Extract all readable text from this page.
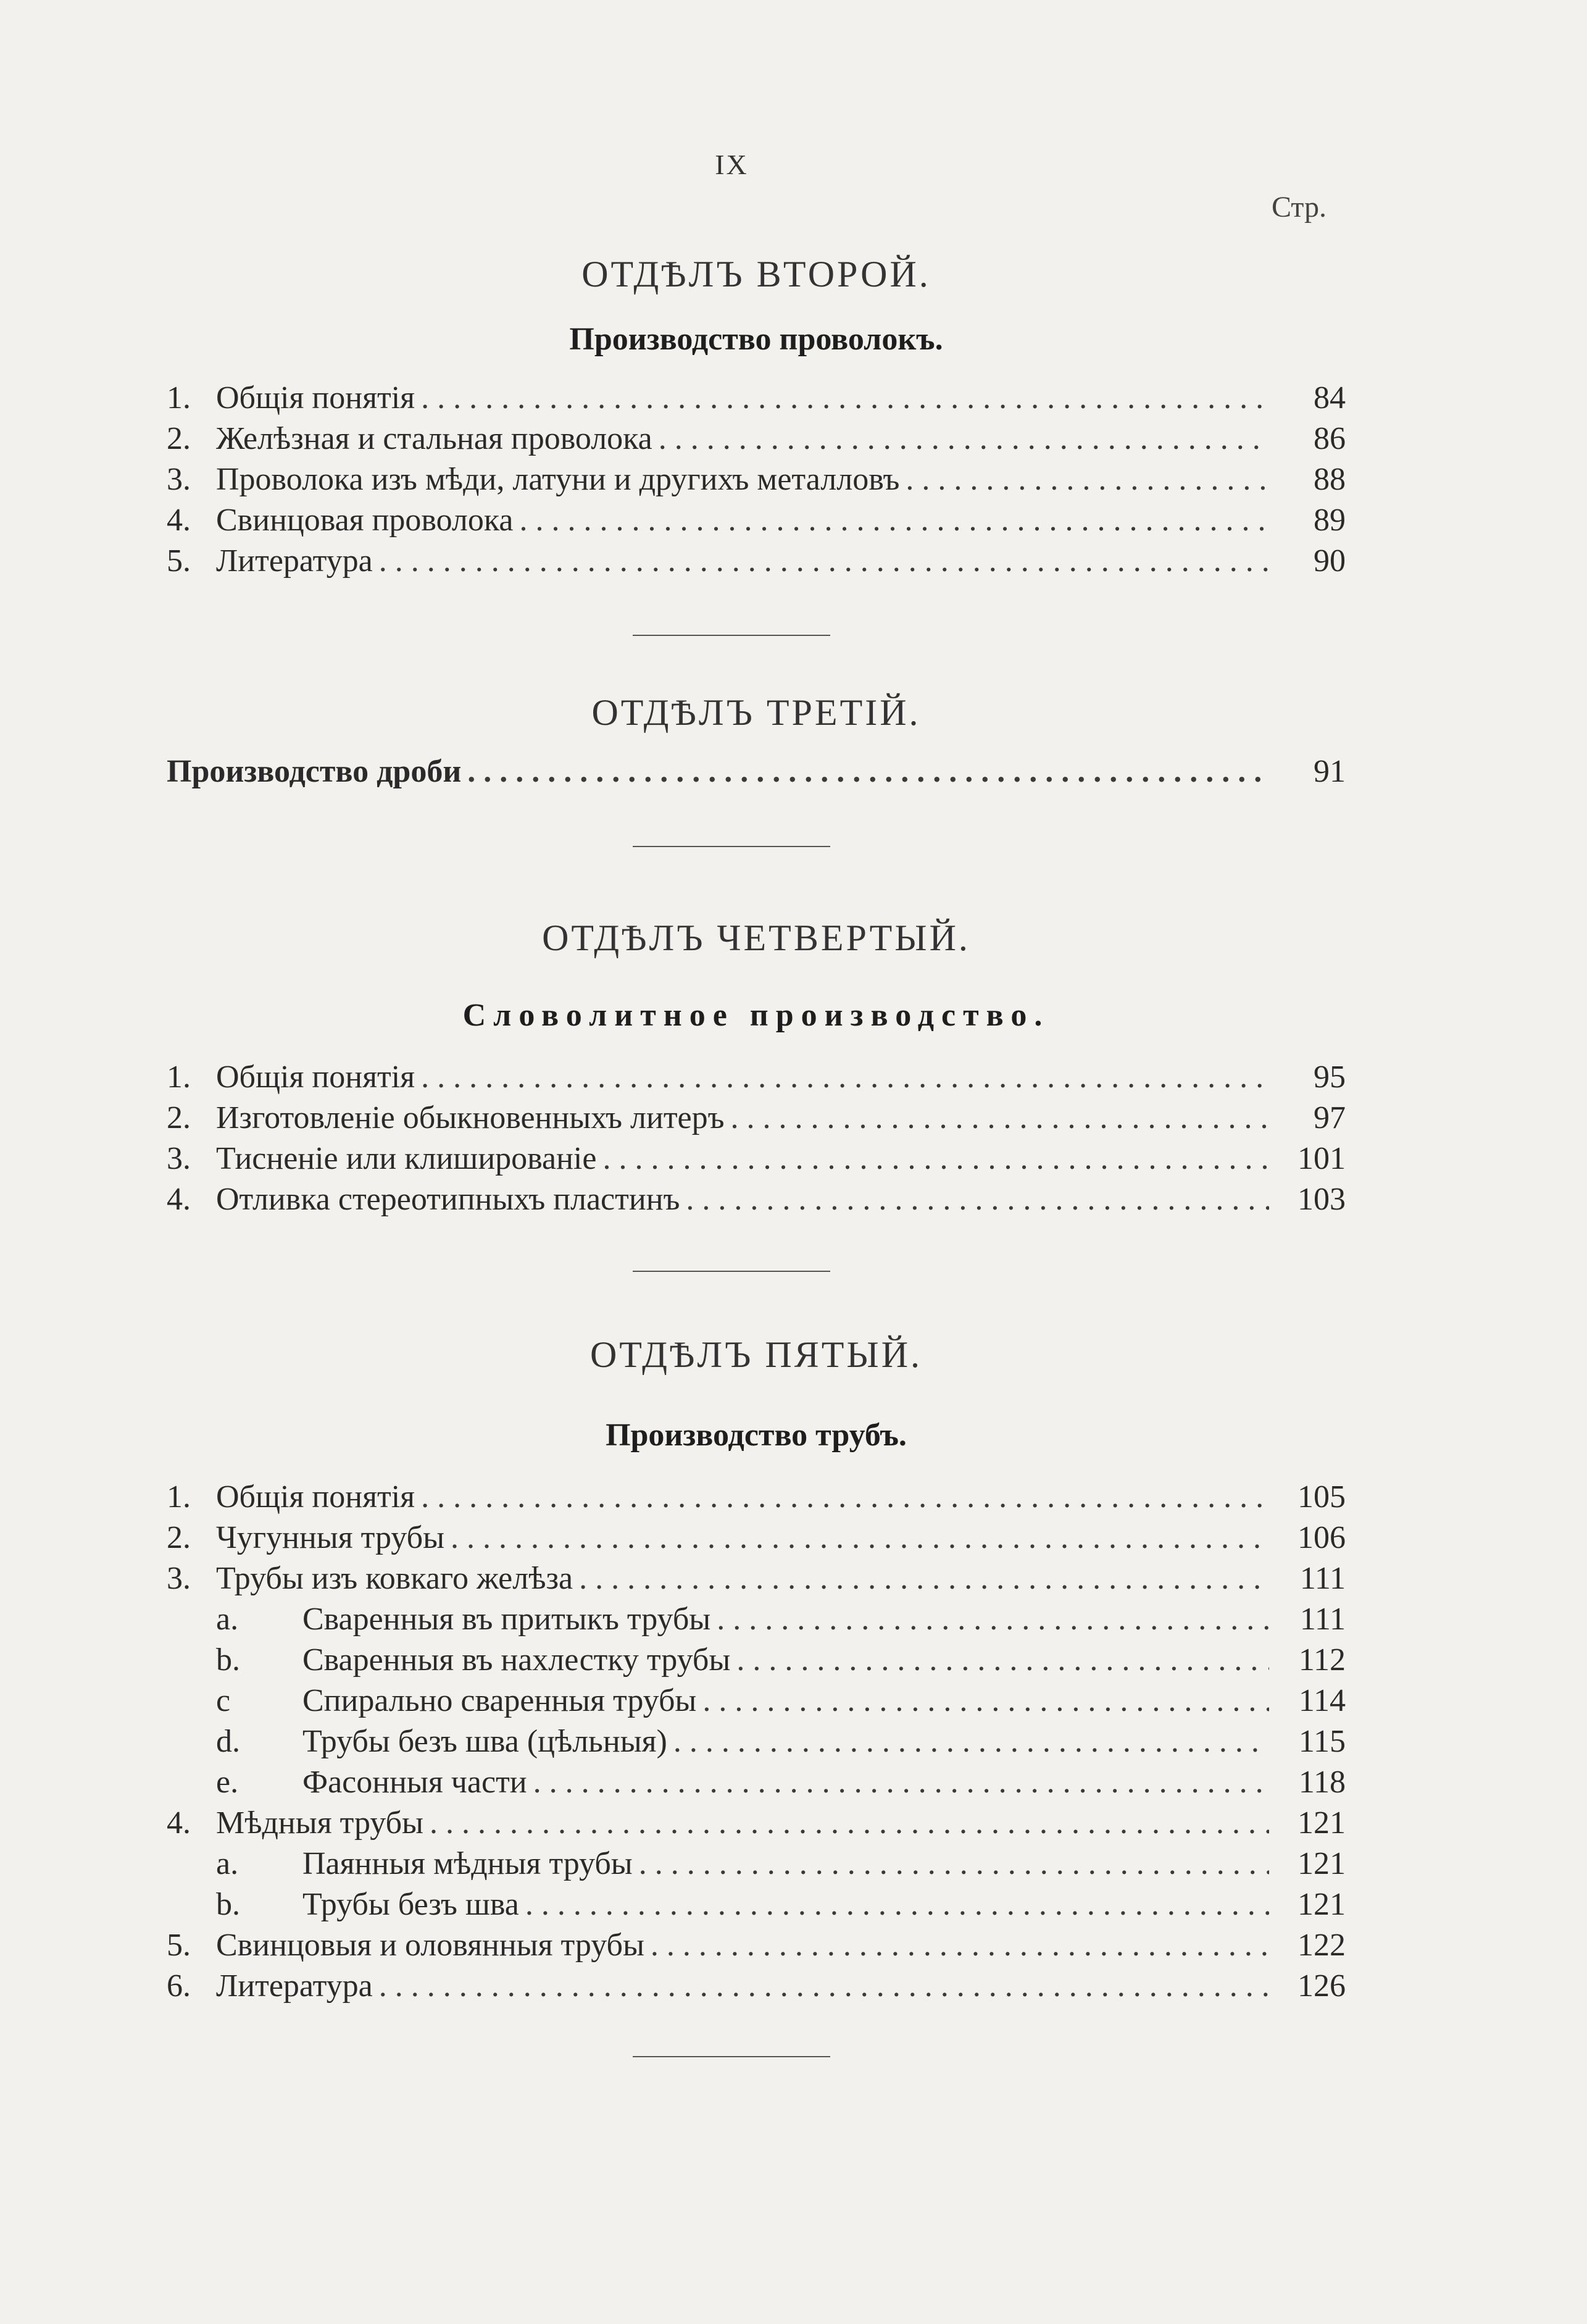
IX
Стр.
ОТДѢЛЪ ВТОРОЙ.
Производство проволокъ.
1. Общія понятія . . .	84
2. Желѣзная и стальная проволока . . .	86
3. Проволока изъ мѣди, латуни и другихъ металловъ . . .	88
4. Свинцовая проволока . . .	89
5. Литература . . .	90
ОТДѢЛЪ ТРЕТІЙ.
Производство дроби . . .	91
ОТДѢЛЪ ЧЕТВЕРТЫЙ.
Словолитное производство.
1. Общія понятія . . .	95
2. Изготовленіе обыкновенныхъ литеръ . . .	97
3. Тисненіе или клишированіе . . .	101
4. Отливка стереотипныхъ пластинъ . . .	103
ОТДѢЛЪ ПЯТЫЙ.
Производство трубъ.
1. Общія понятія . . .	105
2. Чугунныя трубы . . .	106
3. Трубы изъ ковкаго желѣза . . .	111
a.	Сваренныя въ притыкъ трубы . . .	111
b.	Сваренныя въ нахлестку трубы . . .	112
c	Спирально сваренныя трубы . . .	114
d.	Трубы безъ шва (цѣльныя) . . .	115
e.	Фасонныя части . . .	118
4. Мѣдныя трубы . . .	121
a.	Паянныя мѣдныя трубы . . .	121
b.	Трубы безъ шва . . .	121
5. Свинцовыя и оловянныя трубы . . .	122
6. Литература . . .	126
